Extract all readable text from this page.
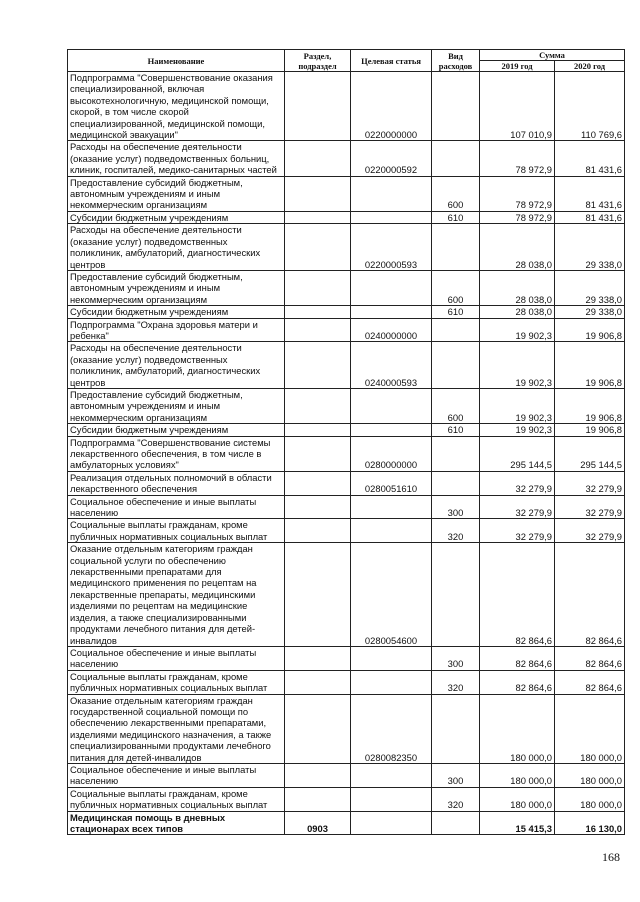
Наименование	Раздел, подраздел	Целевая статья	Вид расходов	Сумма	
				2019 год	2020 год
Подпрограмма "Совершенствование оказания специализированной, включая высокотехнологичную, медицинской помощи, скорой, в том числе скорой специализированной, медицинской помощи, медицинской эвакуации"		0220000000		107 010,9	110 769,6
Расходы на обеспечение деятельности (оказание услуг) подведомственных больниц, клиник, госпиталей, медико-санитарных частей		0220000592		78 972,9	81 431,6
Предоставление субсидий бюджетным, автономным учреждениям и иным некоммерческим организациям			600	78 972,9	81 431,6
Субсидии бюджетным учреждениям			610	78 972,9	81 431,6
Расходы на обеспечение деятельности (оказание услуг) подведомственных поликлиник, амбулаторий, диагностических центров		0220000593		28 038,0	29 338,0
Предоставление субсидий бюджетным, автономным учреждениям и иным некоммерческим организациям			600	28 038,0	29 338,0
Субсидии бюджетным учреждениям			610	28 038,0	29 338,0
Подпрограмма "Охрана здоровья матери и ребенка"		0240000000		19 902,3	19 906,8
Расходы на обеспечение деятельности (оказание услуг) подведомственных поликлиник, амбулаторий, диагностических центров		0240000593		19 902,3	19 906,8
Предоставление субсидий бюджетным, автономным учреждениям и иным некоммерческим организациям			600	19 902,3	19 906,8
Субсидии бюджетным учреждениям			610	19 902,3	19 906,8
Подпрограмма "Совершенствование системы лекарственного обеспечения, в том числе в амбулаторных условиях"		0280000000		295 144,5	295 144,5
Реализация отдельных полномочий в области лекарственного обеспечения		0280051610		32 279,9	32 279,9
Социальное обеспечение и иные выплаты населению			300	32 279,9	32 279,9
Социальные выплаты гражданам, кроме публичных нормативных социальных выплат			320	32 279,9	32 279,9
Оказание отдельным категориям граждан социальной услуги по обеспечению лекарственными препаратами для медицинского применения по рецептам на лекарственные препараты, медицинскими изделиями по рецептам на медицинские изделия, а также специализированными продуктами лечебного питания для детей-инвалидов		0280054600		82 864,6	82 864,6
Социальное обеспечение и иные выплаты населению			300	82 864,6	82 864,6
Социальные выплаты гражданам, кроме публичных нормативных социальных выплат			320	82 864,6	82 864,6
Оказание отдельным категориям граждан государственной социальной помощи по обеспечению лекарственными препаратами, изделиями медицинского назначения, а также специализированными продуктами лечебного питания для детей-инвалидов		0280082350		180 000,0	180 000,0
Социальное обеспечение и иные выплаты населению			300	180 000,0	180 000,0
Социальные выплаты гражданам, кроме публичных нормативных социальных выплат			320	180 000,0	180 000,0
Медицинская помощь в дневных стационарах всех типов	0903			15 415,3	16 130,0
168
